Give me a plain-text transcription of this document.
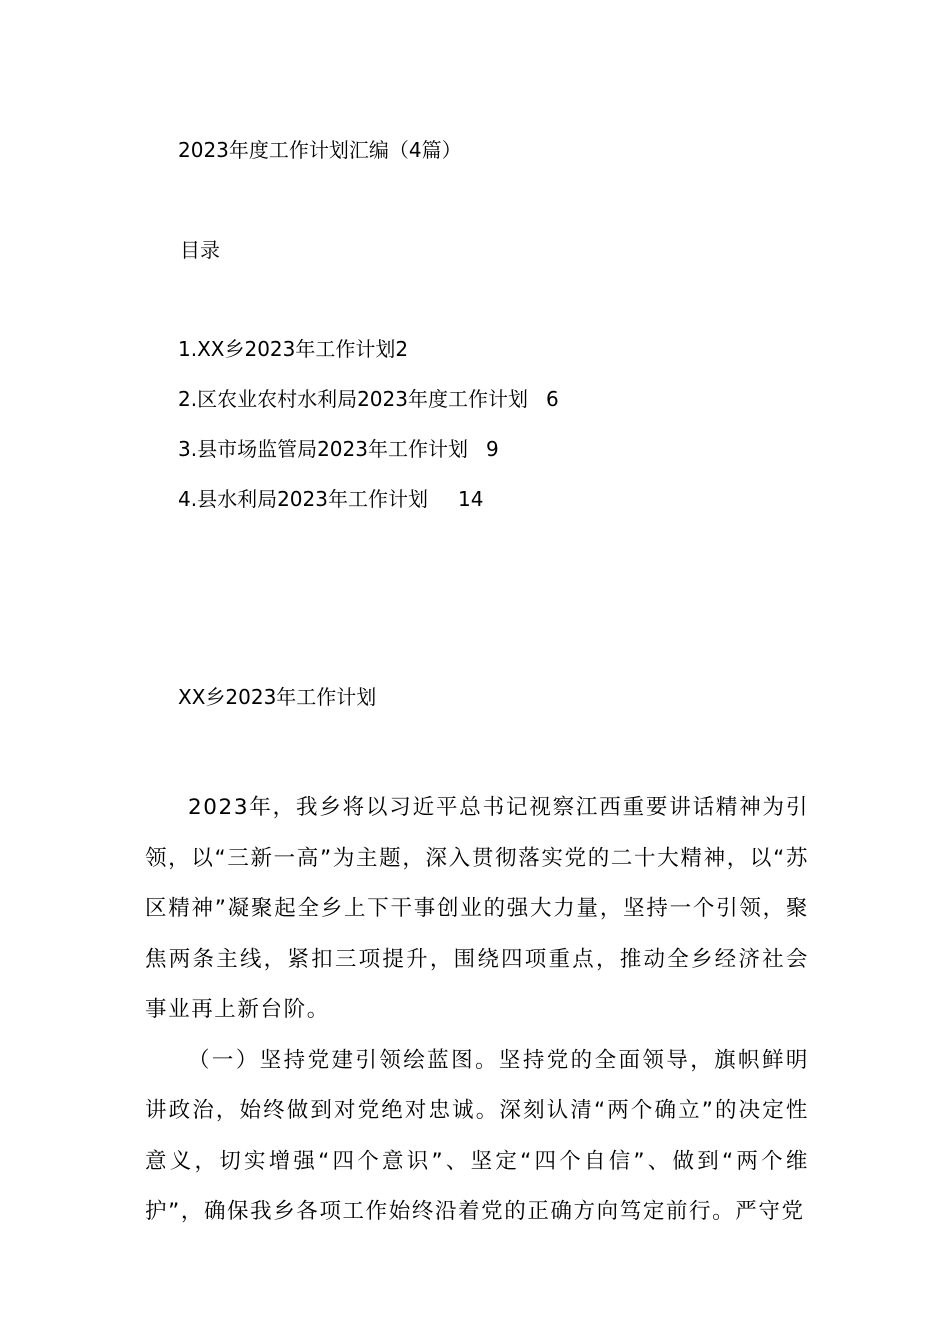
2023年度工作计划汇编（4篇）
目录
1.XX乡2023年工作计划2
2.区农业农村水利局2023年度工作计划 6
3.县市场监管局2023年工作计划 9
4.县水利局2023年工作计划 14
XX乡2023年工作计划

2023年，我乡将以习近平总书记视察江西重要讲话精神为引领，以“三新一高”为主题，深入贯彻落实党的二十大精神，以“苏区精神”凝聚起全乡上下干事创业的强大力量，坚持一个引领，聚焦两条主线，紧扣三项提升，围绕四项重点，推动全乡经济社会事业再上新台阶。

（一）坚持党建引领绘蓝图。坚持党的全面领导，旗帜鲜明讲政治，始终做到对党绝对忠诚。深刻认清“两个确立”的决定性意义，切实增强“四个意识”、坚定“四个自信”、做到“两个维护”，确保我乡各项工作始终沿着党的正确方向笃定前行。严守党
